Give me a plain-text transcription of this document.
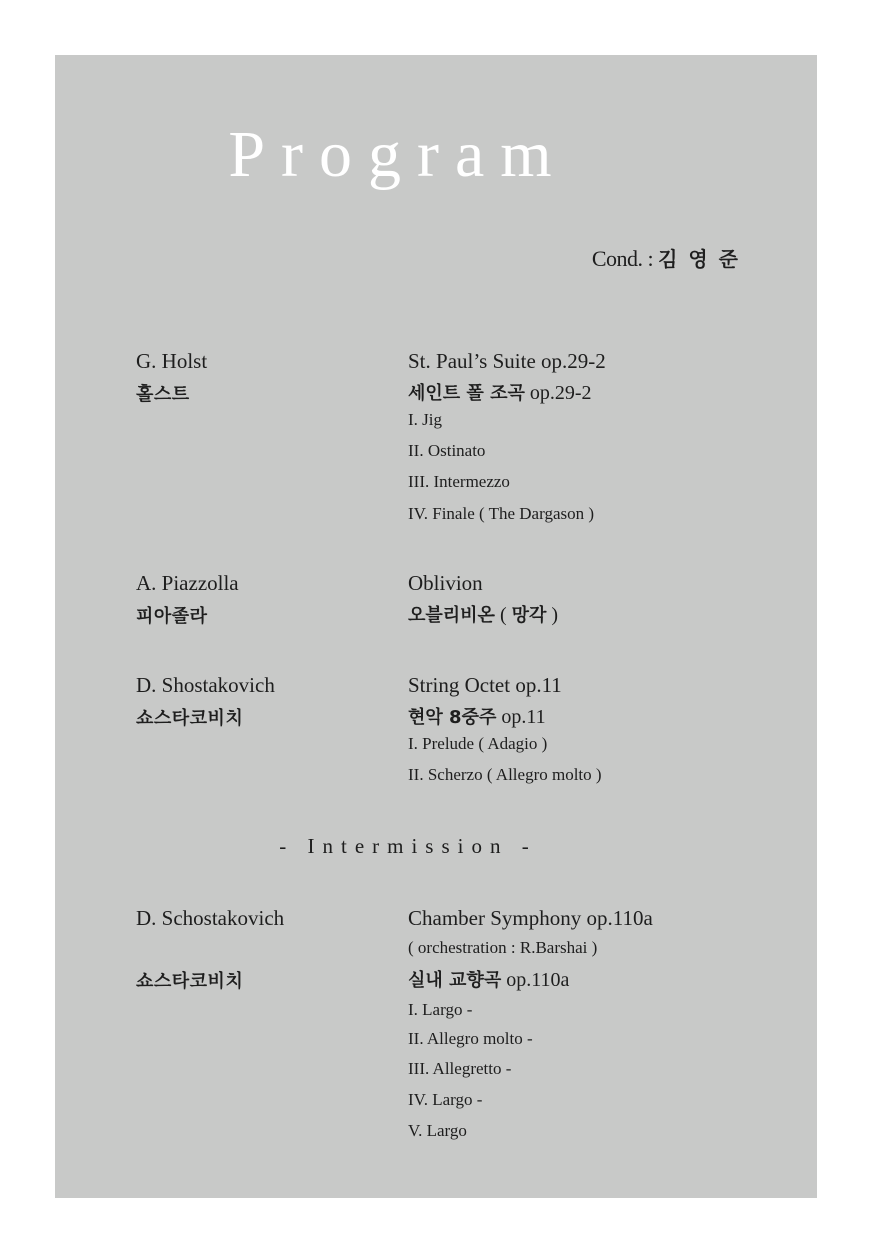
Program
Cond. : 김 영 준
G. Holst
홀스트
St. Paul’s Suite op.29-2
세인트 폴 조곡 op.29-2
I. Jig
II. Ostinato
III. Intermezzo
IV. Finale ( The Dargason )
A. Piazzolla
피아졸라
Oblivion
오블리비온 ( 망각 )
D. Shostakovich
쇼스타코비치
String Octet op.11
현악 8중주 op.11
I. Prelude ( Adagio )
II. Scherzo ( Allegro molto )
- Intermission -
D. Schostakovich
쇼스타코비치
Chamber Symphony op.110a
( orchestration : R.Barshai )
실내 교향곡 op.110a
I. Largo -
II. Allegro molto -
III. Allegretto -
IV. Largo -
V. Largo
